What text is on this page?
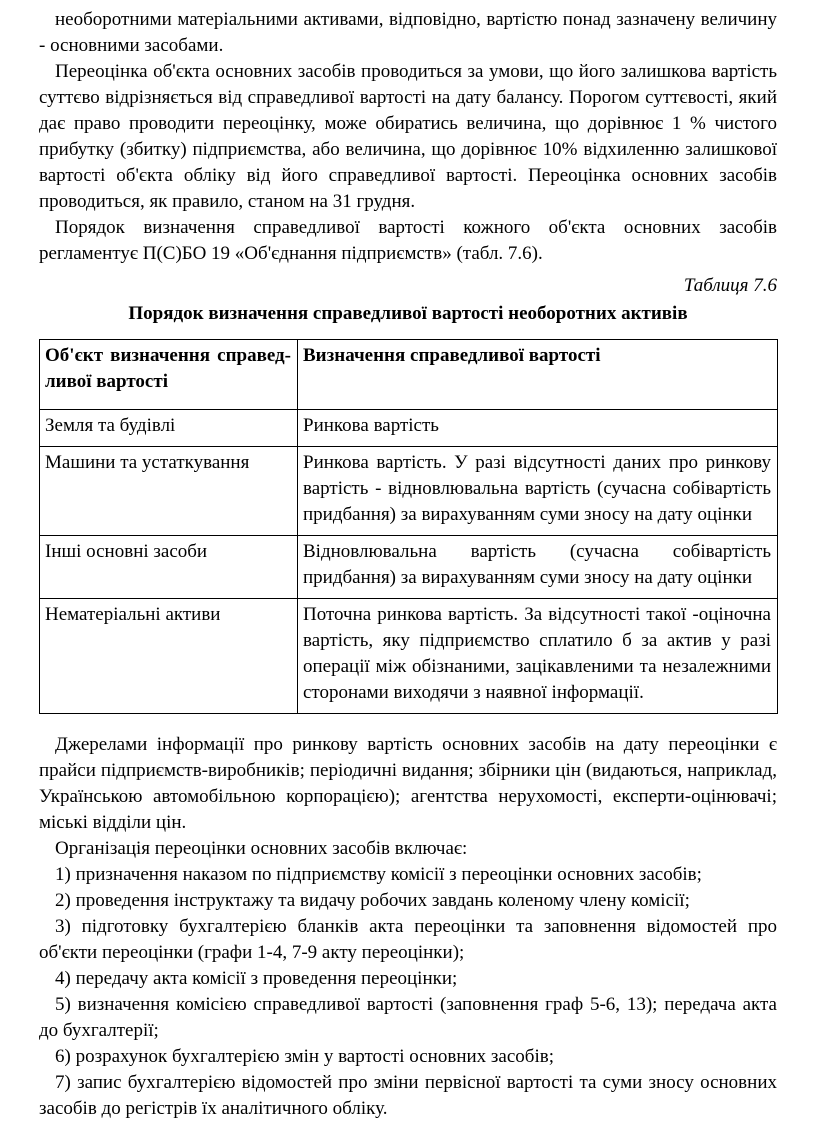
необоротними матеріальними активами, відповідно, вартістю понад зазначену величину - основними засобами.

Переоцінка об'єкта основних засобів проводиться за умови, що його залишкова вартість суттєво відрізняється від справедливої вартості на дату балансу. Порогом суттєвості, який дає право проводити переоцінку, може обиратись величина, що дорівнює 1 % чистого прибутку (збитку) підприємства, або величина, що дорівнює 10% відхиленню залишкової вартості об'єкта обліку від його справедливої вартості. Переоцінка основних засобів проводиться, як правило, станом на 31 грудня.

Порядок визначення справедливої вартості кожного об'єкта основних засобів регламентує П(С)БО 19 «Об'єднання підприємств» (табл. 7.6).

Таблиця 7.6

Порядок визначення справедливої вартості необоротних активів

Об'єкт визначення справед-ливої вартості	Визначення справедливої вартості
Земля та будівлі	Ринкова вартість
Машини та устаткування	Ринкова вартість. У разі відсутності даних про ринкову вартість - відновлювальна вартість (сучасна собівартість придбання) за вирахуванням суми зносу на дату оцінки
Інші основні засоби	Відновлювальна вартість (сучасна собівартість придбання) за вирахуванням суми зносу на дату оцінки
Нематеріальні активи	Поточна ринкова вартість. За відсутності такої -оціночна вартість, яку підприємство сплатило б за актив у разі операції між обізнаними, зацікавленими та незалежними сторонами виходячи з наявної інформації.

Джерелами інформації про ринкову вартість основних засобів на дату переоцінки є прайси підприємств-виробників; періодичні видання; збірники цін (видаються, наприклад, Українською автомобільною корпорацією); агентства нерухомості, експерти-оцінювачі; міські відділи цін.

Організація переоцінки основних засобів включає:

1) призначення наказом по підприємству комісії з переоцінки основних засобів;

2) проведення інструктажу та видачу робочих завдань коленому члену комісії;

3) підготовку бухгалтерією бланків акта переоцінки та заповнення відомостей про об'єкти переоцінки (графи 1-4, 7-9 акту переоцінки);

4) передачу акта комісії з проведення переоцінки;

5) визначення комісією справедливої вартості (заповнення граф 5-6, 13); передача акта до бухгалтерії;

6) розрахунок бухгалтерією змін у вартості основних засобів;

7) запис бухгалтерією відомостей про зміни первісної вартості та суми зносу основних засобів до регістрів їх аналітичного обліку.
